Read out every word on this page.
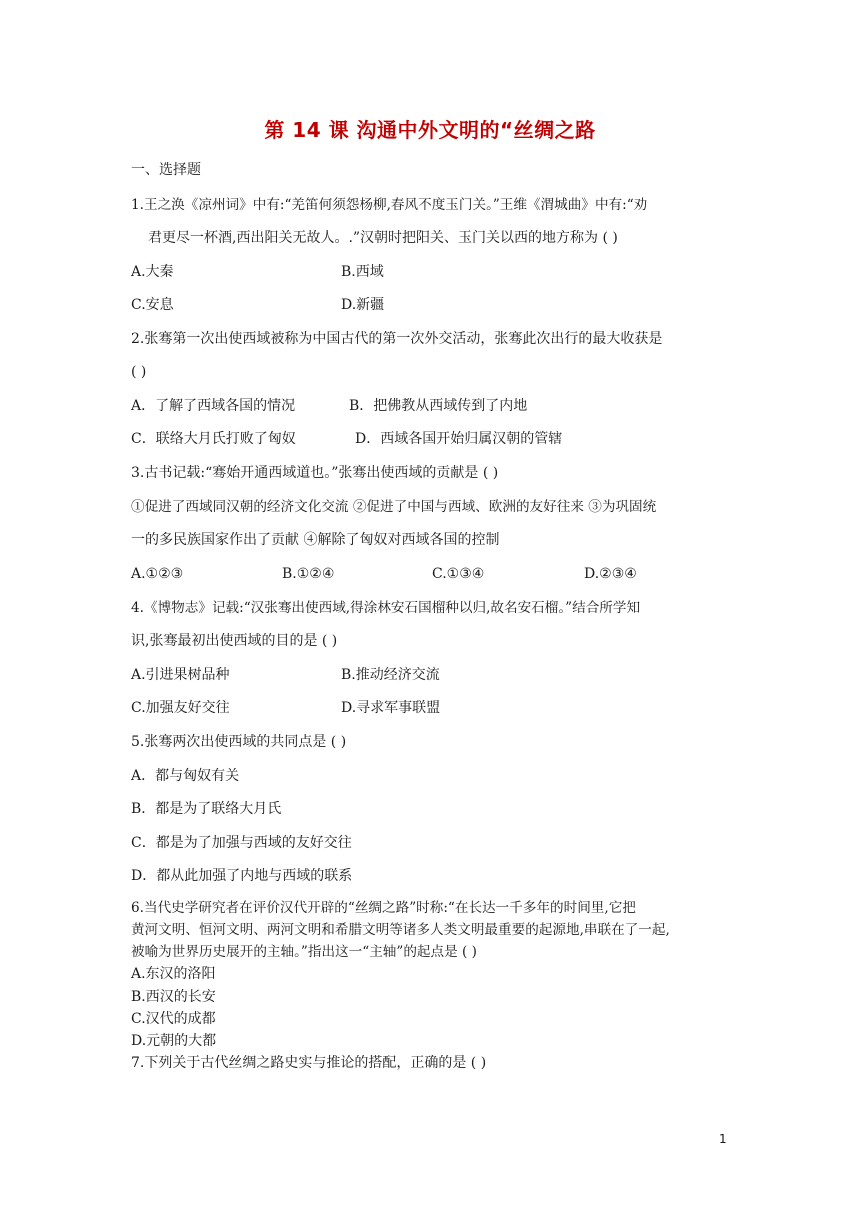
第 14 课 沟通中外文明的“丝绸之路
一、选择题
1.王之涣《凉州词》中有:“羌笛何须怨杨柳,春风不度玉门关。”王维《渭城曲》中有:“劝
君更尽一杯酒,西出阳关无故人。.”汉朝时把阳关、玉门关以西的地方称为 ( )
A.大秦	B.西域
C.安息	D.新疆
2.张骞第一次出使西域被称为中国古代的第一次外交活动，张骞此次出行的最大收获是
( )
A．了解了西域各国的情况	B．把佛教从西域传到了内地
C．联络大月氏打败了匈奴	D．西域各国开始归属汉朝的管辖
3.古书记载:“骞始开通西域道也。”张骞出使西域的贡献是 ( )
①促进了西域同汉朝的经济文化交流 ②促进了中国与西域、欧洲的友好往来 ③为巩固统
一的多民族国家作出了贡献 ④解除了匈奴对西域各国的控制
A.①②③	B.①②④	C.①③④	D.②③④
4.《博物志》记载:“汉张骞出使西域,得涂林安石国榴种以归,故名安石榴。”结合所学知
识,张骞最初出使西域的目的是 ( )
A.引进果树品种	B.推动经济交流
C.加强友好交往	D.寻求军事联盟
5.张骞两次出使西域的共同点是 ( )
A．都与匈奴有关
B．都是为了联络大月氏
C．都是为了加强与西域的友好交往
D．都从此加强了内地与西域的联系
6.当代史学研究者在评价汉代开辟的“丝绸之路”时称:“在长达一千多年的时间里,它把
黄河文明、恒河文明、两河文明和希腊文明等诸多人类文明最重要的起源地,串联在了一起,
被喻为世界历史展开的主轴。”指出这一“主轴”的起点是 ( )
A.东汉的洛阳
B.西汉的长安
C.汉代的成都
D.元朝的大都
7.下列关于古代丝绸之路史实与推论的搭配，正确的是 ( )
1
